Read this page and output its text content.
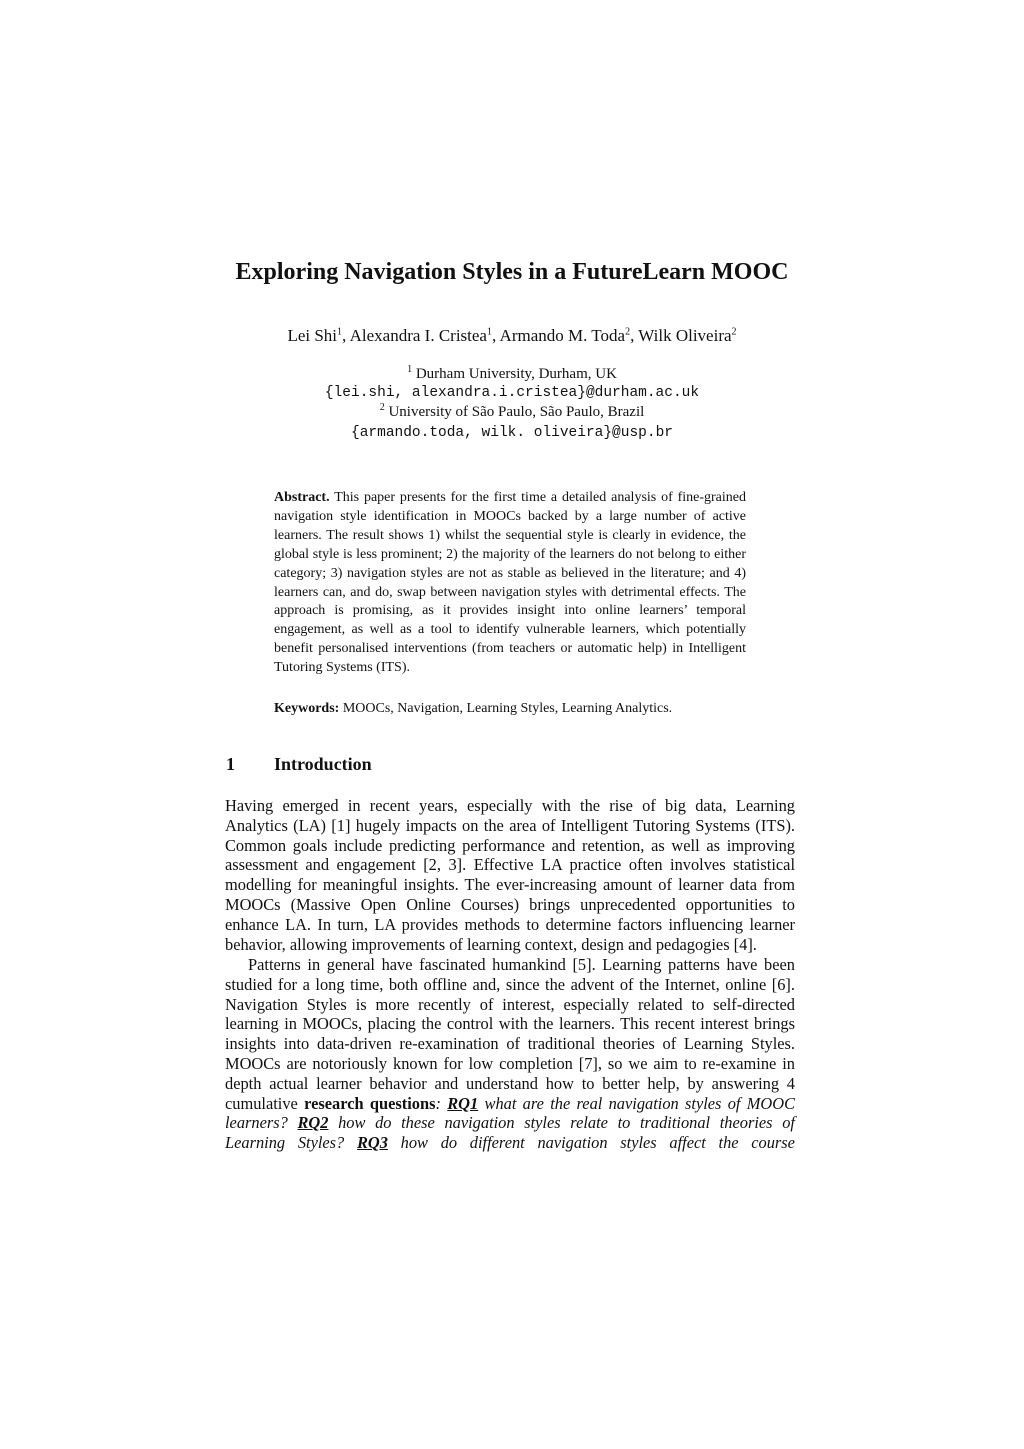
Exploring Navigation Styles in a FutureLearn MOOC

Lei Shi$^1$, Alexandra I. Cristea$^1$, Armando M. Toda$^2$, Wilk Oliveira$^2$

$^1$ Durham University, Durham, UK

{lei.shi, alexandra.i.cristea}@durham.ac.uk

$^2$ University of São Paulo, São Paulo, Brazil

{armando.toda, wilk. oliveira}@usp.br

Abstract. This paper presents for the first time a detailed analysis of fine-grained navigation style identification in MOOCs backed by a large number of active learners. The result shows 1) whilst the sequential style is clearly in evidence, the global style is less prominent; 2) the majority of the learners do not belong to either category; 3) navigation styles are not as stable as believed in the literature; and 4) learners can, and do, swap between navigation styles with detrimental effects. The approach is promising, as it provides insight into online learners’ temporal engagement, as well as a tool to identify vulnerable learners, which potentially benefit personalised interventions (from teachers or automatic help) in Intelligent Tutoring Systems (ITS).

Keywords: MOOCs, Navigation, Learning Styles, Learning Analytics.

1 Introduction

Having emerged in recent years, especially with the rise of big data, Learning Analytics (LA) [1] hugely impacts on the area of Intelligent Tutoring Systems (ITS). Common goals include predicting performance and retention, as well as improving assessment and engagement [2, 3]. Effective LA practice often involves statistical modelling for meaningful insights. The ever-increasing amount of learner data from MOOCs (Massive Open Online Courses) brings unprecedented opportunities to enhance LA. In turn, LA provides methods to determine factors influencing learner behavior, allowing improvements of learning context, design and pedagogies [4].

Patterns in general have fascinated humankind [5]. Learning patterns have been studied for a long time, both offline and, since the advent of the Internet, online [6]. Navigation Styles is more recently of interest, especially related to self-directed learning in MOOCs, placing the control with the learners. This recent interest brings insights into data-driven re-examination of traditional theories of Learning Styles. MOOCs are notoriously known for low completion [7], so we aim to re-examine in depth actual learner behavior and understand how to better help, by answering 4 cumulative research questions: RQ1 what are the real navigation styles of MOOC learners? RQ2 how do these navigation styles relate to traditional theories of Learning Styles? RQ3 how do different navigation styles affect the course
